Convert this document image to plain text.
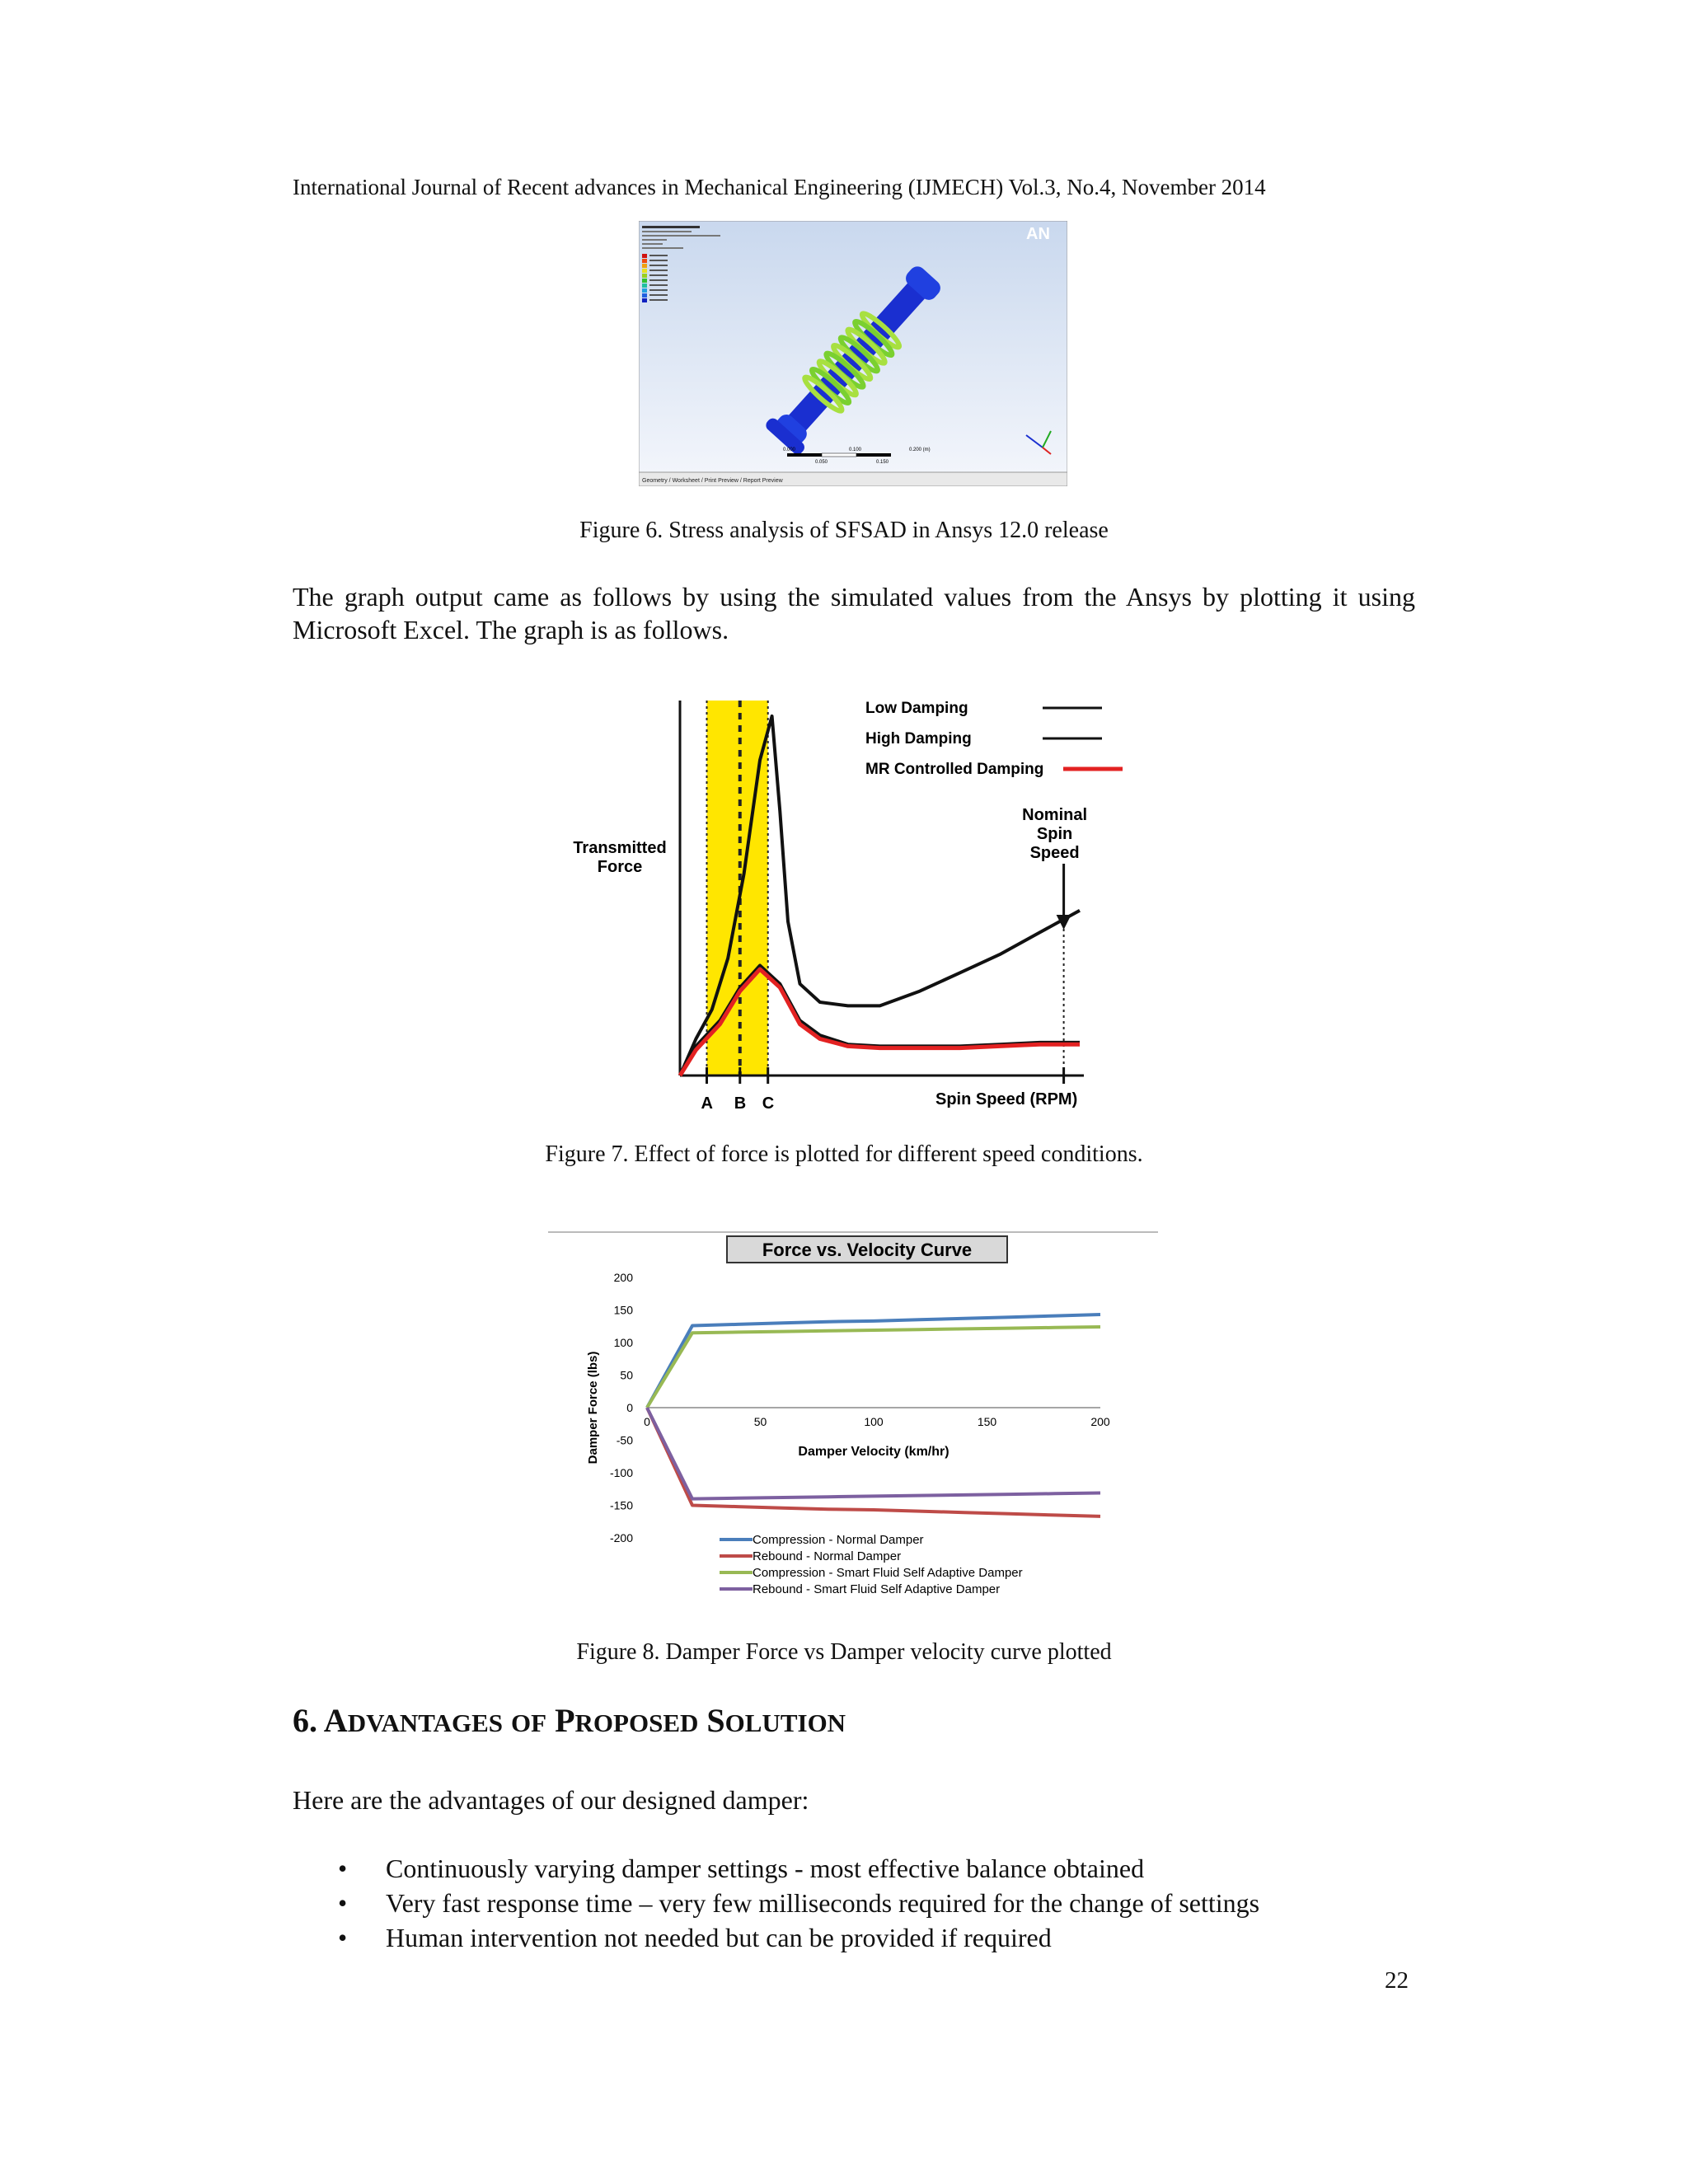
International Journal of Recent advances in Mechanical Engineering (IJMECH) Vol.3, No.4, November 2014
Geometry / Worksheet / Print Preview / Report Preview
AN
0.000	0.100	0.200 (m)
0.050	0.150
Figure 6. Stress analysis of SFSAD in Ansys 12.0 release
The graph output came as follows by using the simulated values from the Ansys by plotting it using Microsoft Excel. The graph is as follows.
A B C
Low Damping
High Damping
MR Controlled Damping
Transmitted
Force
Spin Speed (RPM)
Nominal
Spin
Speed
Figure 7. Effect of force is plotted for different speed conditions.
Force vs. Velocity Curve
200
150
100
50
0
-50
-100
-150
-200
0	50	100	150	200
Damper Velocity (km/hr)
Damper Force (lbs)
Compression - Normal Damper
Rebound - Normal Damper
Compression - Smart Fluid Self Adaptive Damper
Rebound - Smart Fluid Self Adaptive Damper
Figure 8. Damper Force vs Damper velocity curve plotted
6. ADVANTAGES OF PROPOSED SOLUTION
Here are the advantages of our designed damper:
• Continuously varying damper settings - most effective balance obtained
• Very fast response time – very few milliseconds required for the change of settings
• Human intervention not needed but can be provided if required
22
